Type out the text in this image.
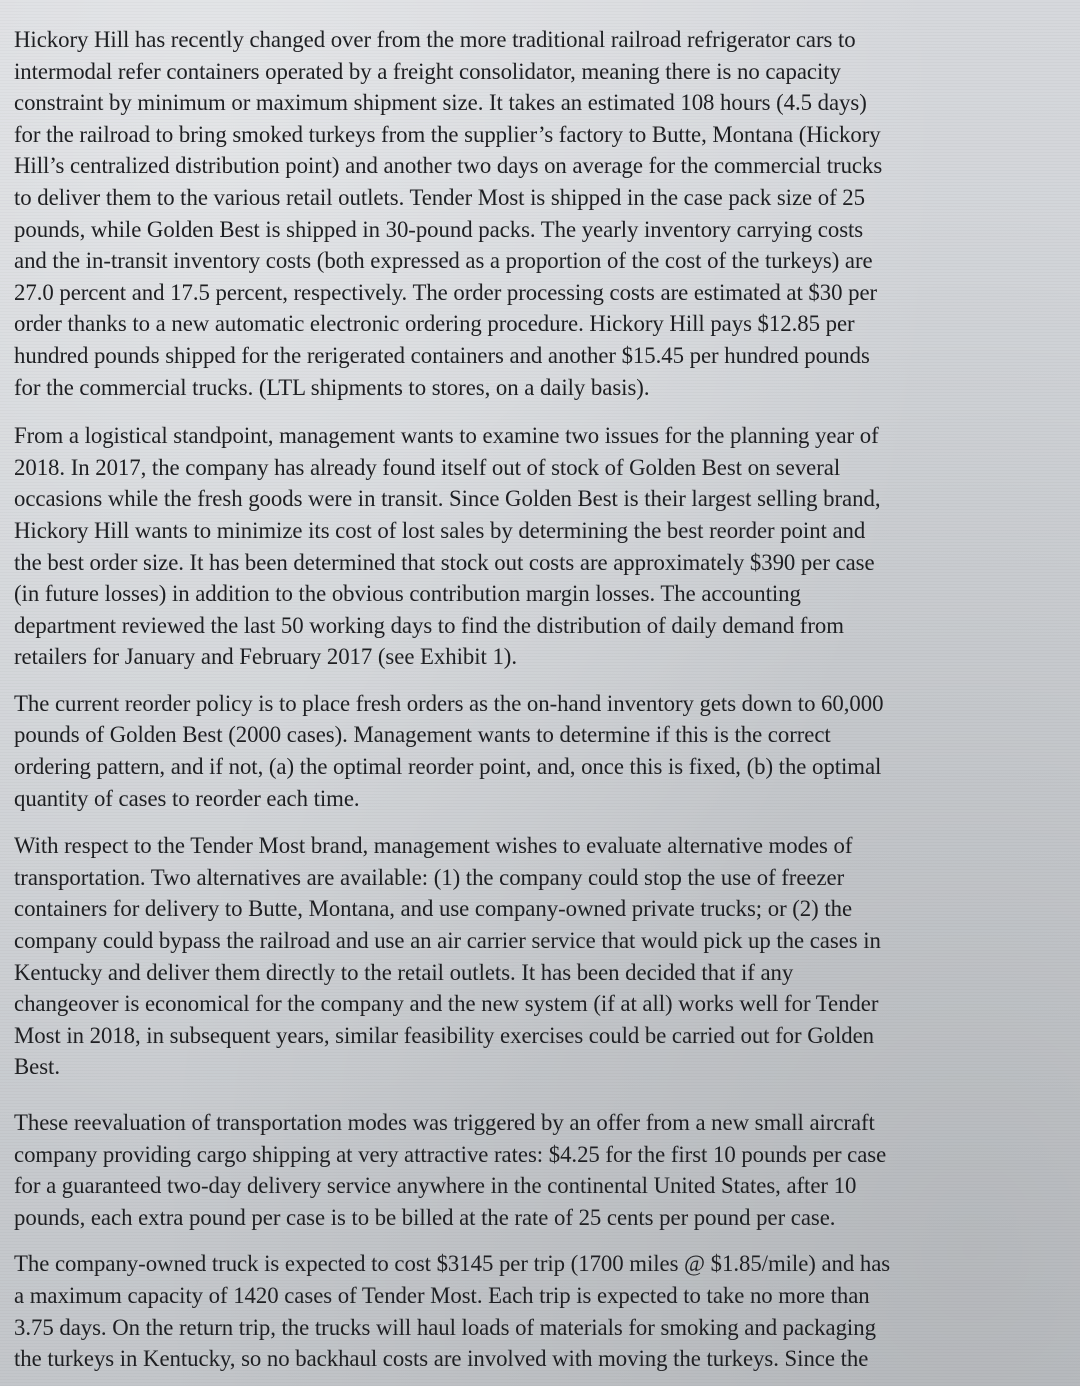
Hickory Hill has recently changed over from the more traditional railroad refrigerator cars to
intermodal refer containers operated by a freight consolidator, meaning there is no capacity
constraint by minimum or maximum shipment size. It takes an estimated 108 hours (4.5 days)
for the railroad to bring smoked turkeys from the supplier’s factory to Butte, Montana (Hickory
Hill’s centralized distribution point) and another two days on average for the commercial trucks
to deliver them to the various retail outlets. Tender Most is shipped in the case pack size of 25
pounds, while Golden Best is shipped in 30-pound packs. The yearly inventory carrying costs
and the in-transit inventory costs (both expressed as a proportion of the cost of the turkeys) are
27.0 percent and 17.5 percent, respectively. The order processing costs are estimated at $30 per
order thanks to a new automatic electronic ordering procedure. Hickory Hill pays $12.85 per
hundred pounds shipped for the rerigerated containers and another $15.45 per hundred pounds
for the commercial trucks. (LTL shipments to stores, on a daily basis).

From a logistical standpoint, management wants to examine two issues for the planning year of
2018. In 2017, the company has already found itself out of stock of Golden Best on several
occasions while the fresh goods were in transit. Since Golden Best is their largest selling brand,
Hickory Hill wants to minimize its cost of lost sales by determining the best reorder point and
the best order size. It has been determined that stock out costs are approximately $390 per case
(in future losses) in addition to the obvious contribution margin losses. The accounting
department reviewed the last 50 working days to find the distribution of daily demand from
retailers for January and February 2017 (see Exhibit 1).

The current reorder policy is to place fresh orders as the on-hand inventory gets down to 60,000
pounds of Golden Best (2000 cases). Management wants to determine if this is the correct
ordering pattern, and if not, (a) the optimal reorder point, and, once this is fixed, (b) the optimal
quantity of cases to reorder each time.

With respect to the Tender Most brand, management wishes to evaluate alternative modes of
transportation. Two alternatives are available: (1) the company could stop the use of freezer
containers for delivery to Butte, Montana, and use company-owned private trucks; or (2) the
company could bypass the railroad and use an air carrier service that would pick up the cases in
Kentucky and deliver them directly to the retail outlets. It has been decided that if any
changeover is economical for the company and the new system (if at all) works well for Tender
Most in 2018, in subsequent years, similar feasibility exercises could be carried out for Golden
Best.

These reevaluation of transportation modes was triggered by an offer from a new small aircraft
company providing cargo shipping at very attractive rates: $4.25 for the first 10 pounds per case
for a guaranteed two-day delivery service anywhere in the continental United States, after 10
pounds, each extra pound per case is to be billed at the rate of 25 cents per pound per case.

The company-owned truck is expected to cost $3145 per trip (1700 miles @ $1.85/mile) and has
a maximum capacity of 1420 cases of Tender Most. Each trip is expected to take no more than
3.75 days. On the return trip, the trucks will haul loads of materials for smoking and packaging
the turkeys in Kentucky, so no backhaul costs are involved with moving the turkeys. Since the
